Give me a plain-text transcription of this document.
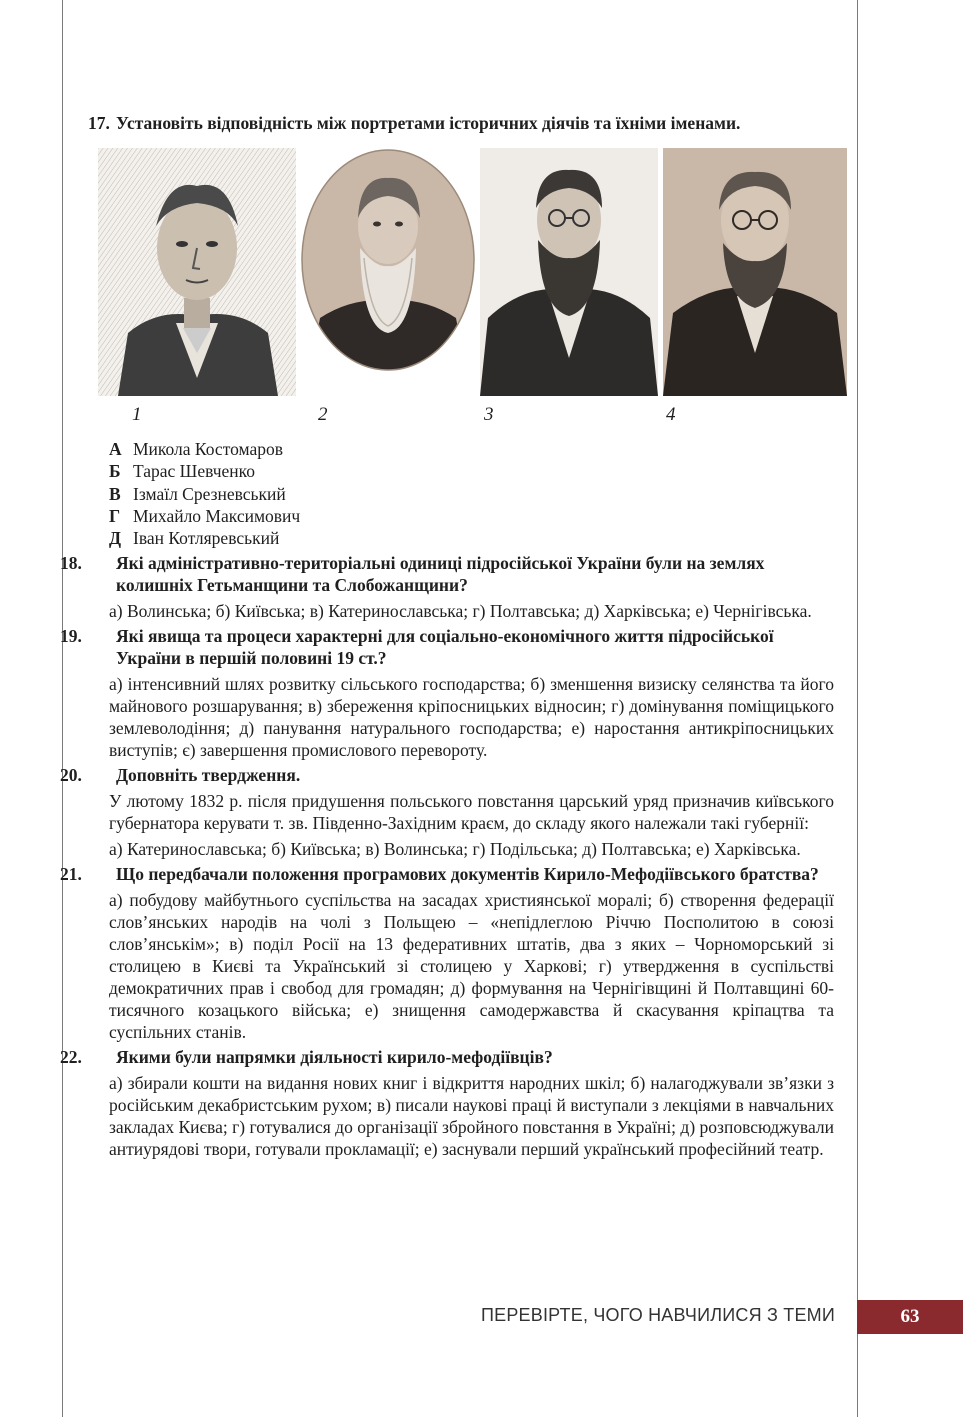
17. Установіть відповідність між портретами історичних діячів та їхніми іменами.
1	2	3	4
А Микола Костомаров
Б Тарас Шевченко
В Ізмаїл Срезневський
Г Михайло Максимович
Д Іван Котляревський
18. Які адміністративно-територіальні одиниці підросійської України були на землях колишніх Гетьманщини та Слобожанщини?
а) Волинська; б) Київська; в) Катеринославська; г) Полтавська; д) Харківська; е) Чернігівська.
19. Які явища та процеси характерні для соціально-економічного життя підросійської України в першій половині 19 ст.?
а) інтенсивний шлях розвитку сільського господарства; б) зменшення визиску селянства та його майнового розшарування; в) збереження кріпосницьких відносин; г) домінування поміщицького землеволодіння; д) панування натурального господарства; е) наростання антикріпосницьких виступів; є) завершення промислового перевороту.
20. Доповніть твердження.
У лютому 1832 р. після придушення польського повстання царський уряд призначив київського губернатора керувати т. зв. Південно-Західним краєм, до складу якого належали такі губернії:
а) Катеринославська; б) Київська; в) Волинська; г) Подільська; д) Полтавська; е) Харківська.
21. Що передбачали положення програмових документів Кирило-Мефодіївського братства?
а) побудову майбутнього суспільства на засадах християнської моралі; б) створення федерації слов’янських народів на чолі з Польщею – «непідлеглою Річчю Посполитою в союзі слов’янськім»; в) поділ Росії на 13 федеративних штатів, два з яких – Чорноморський зі столицею в Києві та Український зі столицею у Харкові; г) утвердження в суспільстві демократичних прав і свобод для громадян; д) формування на Чернігівщині й Полтавщині 60-тисячного козацького війська; е) знищення самодержавства й скасування кріпацтва та суспільних станів.
22. Якими були напрямки діяльності кирило-мефодіївців?
а) збирали кошти на видання нових книг і відкриття народних шкіл; б) налагоджували зв’язки з російським декабристським рухом; в) писали наукові праці й виступали з лекціями в навчальних закладах Києва; г) готувалися до організації збройного повстання в Україні; д) розповсюджували антиурядові твори, готували прокламації; е) заснували перший український професійний театр.
ПЕРЕВІРТЕ, ЧОГО НАВЧИЛИСЯ З ТЕМИ	63
